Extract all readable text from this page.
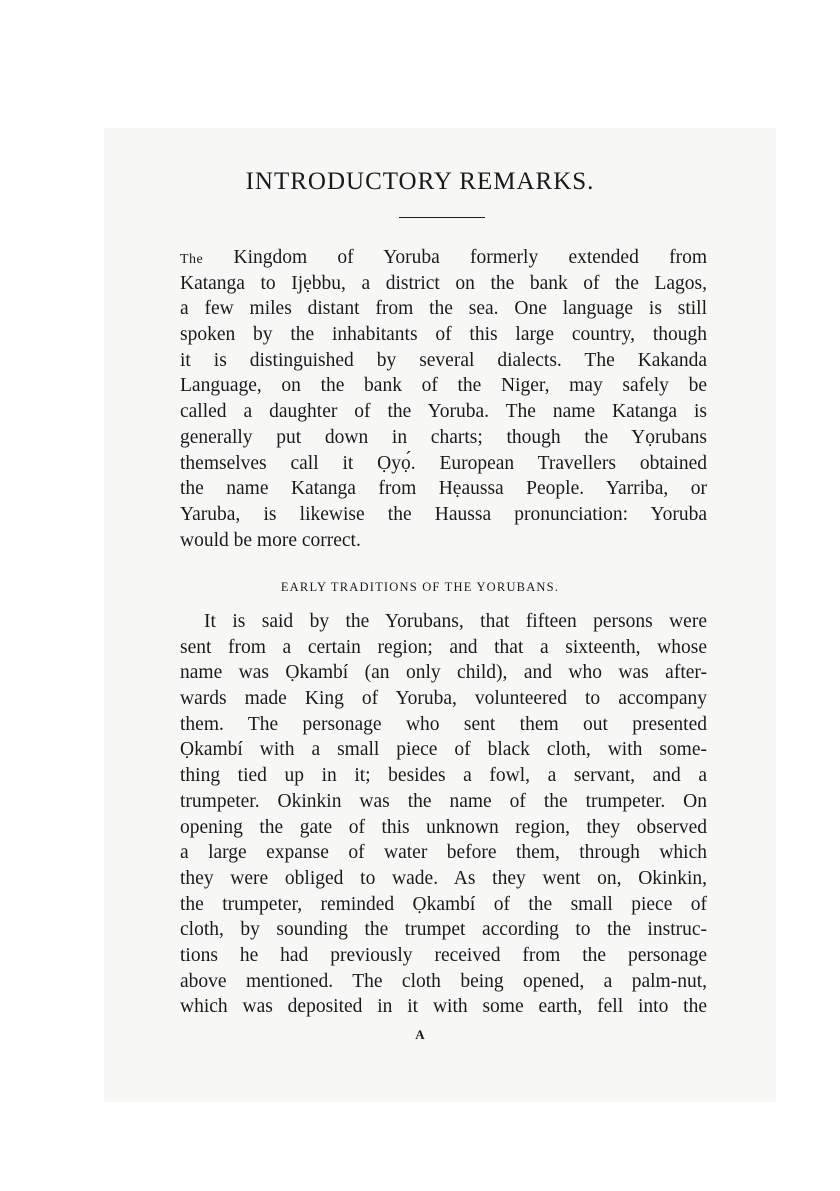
INTRODUCTORY REMARKS.
The Kingdom of Yoruba formerly extended from
Katanga to Ijẹbbu, a district on the bank of the Lagos,
a few miles distant from the sea. One language is still
spoken by the inhabitants of this large country, though
it is distinguished by several dialects. The Kakanda
Language, on the bank of the Niger, may safely be
called a daughter of the Yoruba. The name Katanga is
generally put down in charts; though the Yọrubans
themselves call it Ọyọ́. European Travellers obtained
the name Katanga from Hẹaussa People. Yarriba, or
Yaruba, is likewise the Haussa pronunciation: Yoruba
would be more correct.
EARLY TRADITIONS OF THE YORUBANS.
It is said by the Yorubans, that fifteen persons were
sent from a certain region; and that a sixteenth, whose
name was Ọkambí (an only child), and who was after-
wards made King of Yoruba, volunteered to accompany
them. The personage who sent them out presented
Ọkambí with a small piece of black cloth, with some-
thing tied up in it; besides a fowl, a servant, and a
trumpeter. Okinkin was the name of the trumpeter. On
opening the gate of this unknown region, they observed
a large expanse of water before them, through which
they were obliged to wade. As they went on, Okinkin,
the trumpeter, reminded Ọkambí of the small piece of
cloth, by sounding the trumpet according to the instruc-
tions he had previously received from the personage
above mentioned. The cloth being opened, a palm-nut,
which was deposited in it with some earth, fell into the
A
